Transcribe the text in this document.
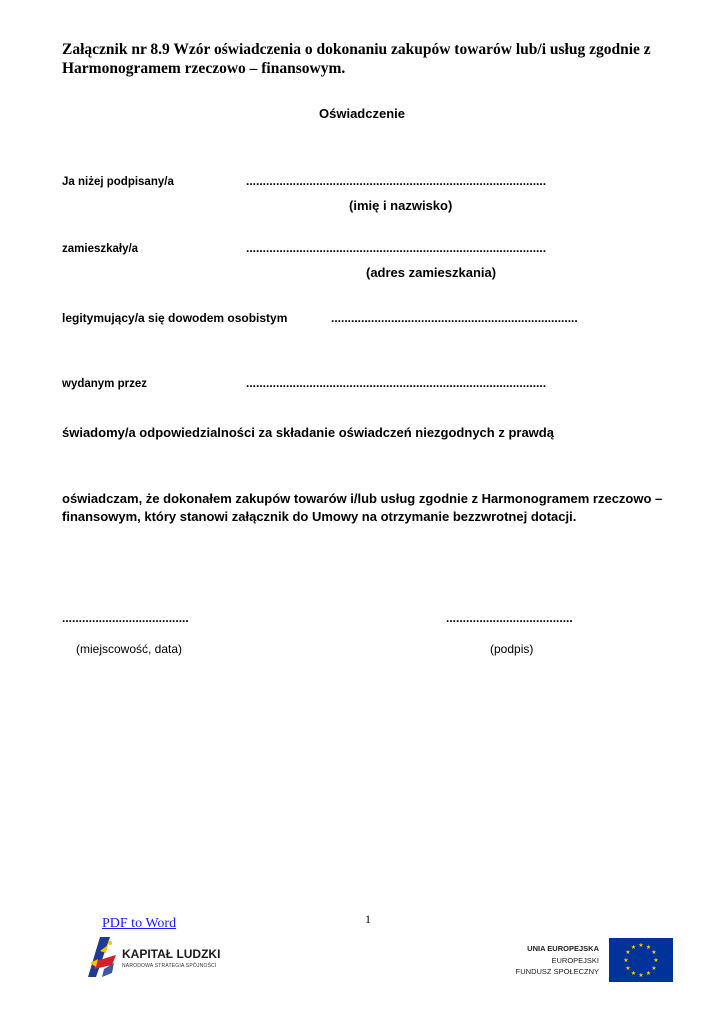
Załącznik nr 8.9 Wzór oświadczenia o dokonaniu zakupów towarów lub/i usług zgodnie z Harmonogramem rzeczowo – finansowym.
Oświadczenie
Ja niżej podpisany/a	..........................................................................................
(imię i nazwisko)
zamieszkały/a	..........................................................................................
(adres zamieszkania)
legitymujący/a się dowodem osobistym	..........................................................................
wydanym przez	..........................................................................................
świadomy/a odpowiedzialności za składanie oświadczeń niezgodnych z prawdą
oświadczam, że dokonałem zakupów towarów i/lub usług zgodnie z Harmonogramem rzeczowo – finansowym, który stanowi załącznik do Umowy na otrzymanie bezzwrotnej dotacji.
......................................
(miejscowość, data)
......................................
(podpis)
1
PDF to Word
KAPITAŁ LUDZKI
NARODOWA STRATEGIA SPÓJNOŚCI
UNIA EUROPEJSKA
EUROPEJSKI
FUNDUSZ SPOŁECZNY
★ ★
★
★
★
★
★
★
★
★
★
★
